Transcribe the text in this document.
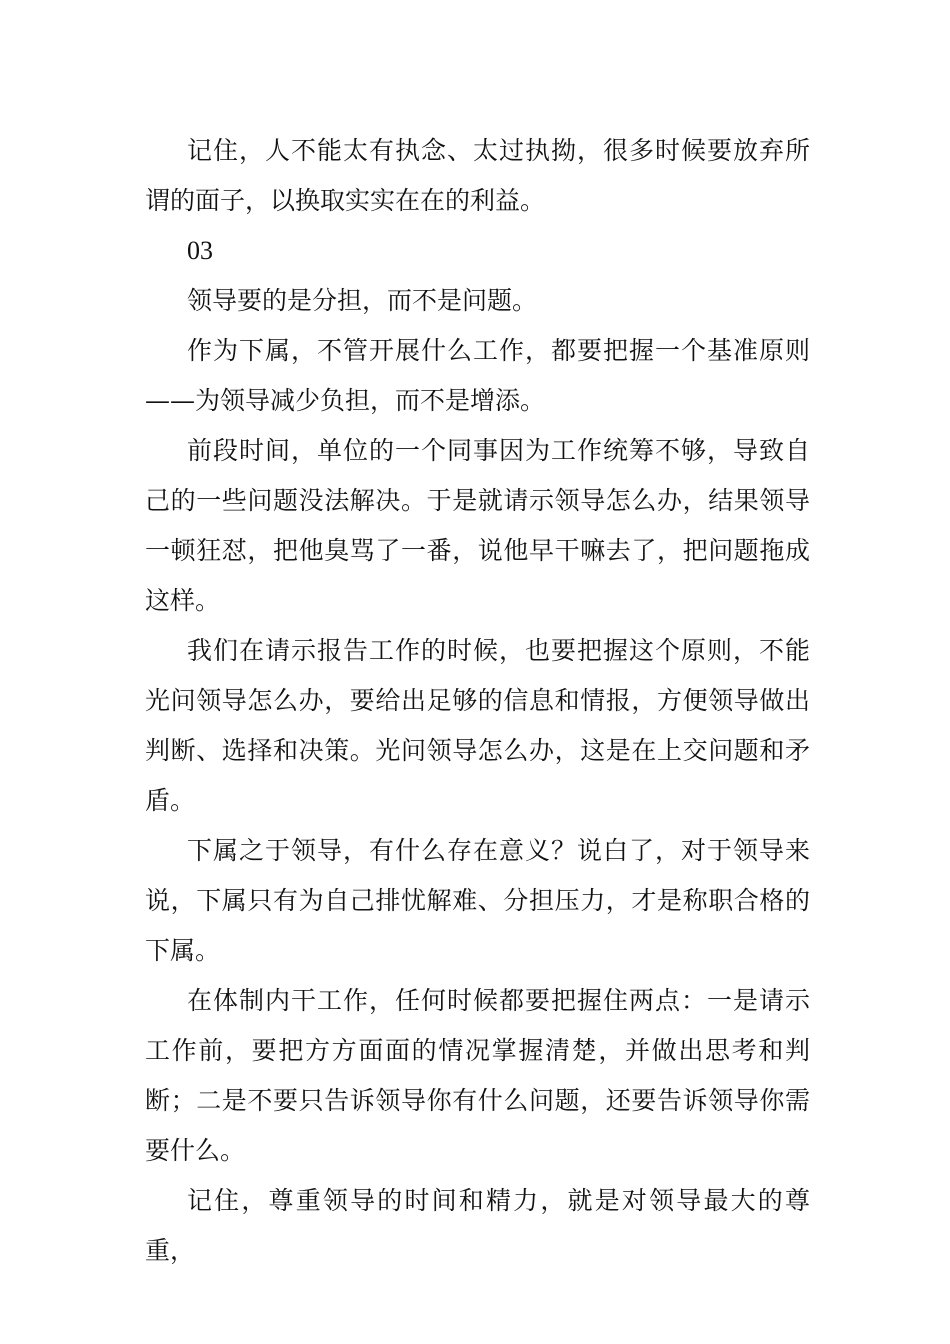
记住，人不能太有执念、太过执拗，很多时候要放弃所谓的面子，以换取实实在在的利益。

03

领导要的是分担，而不是问题。

作为下属，不管开展什么工作，都要把握一个基准原则——为领导减少负担，而不是增添。

前段时间，单位的一个同事因为工作统筹不够，导致自己的一些问题没法解决。于是就请示领导怎么办，结果领导一顿狂怼，把他臭骂了一番，说他早干嘛去了，把问题拖成这样。

我们在请示报告工作的时候，也要把握这个原则，不能光问领导怎么办，要给出足够的信息和情报，方便领导做出判断、选择和决策。光问领导怎么办，这是在上交问题和矛盾。

下属之于领导，有什么存在意义？说白了，对于领导来说，下属只有为自己排忧解难、分担压力，才是称职合格的下属。

在体制内干工作，任何时候都要把握住两点：一是请示工作前，要把方方面面的情况掌握清楚，并做出思考和判断；二是不要只告诉领导你有什么问题，还要告诉领导你需要什么。

记住，尊重领导的时间和精力，就是对领导最大的尊重，
